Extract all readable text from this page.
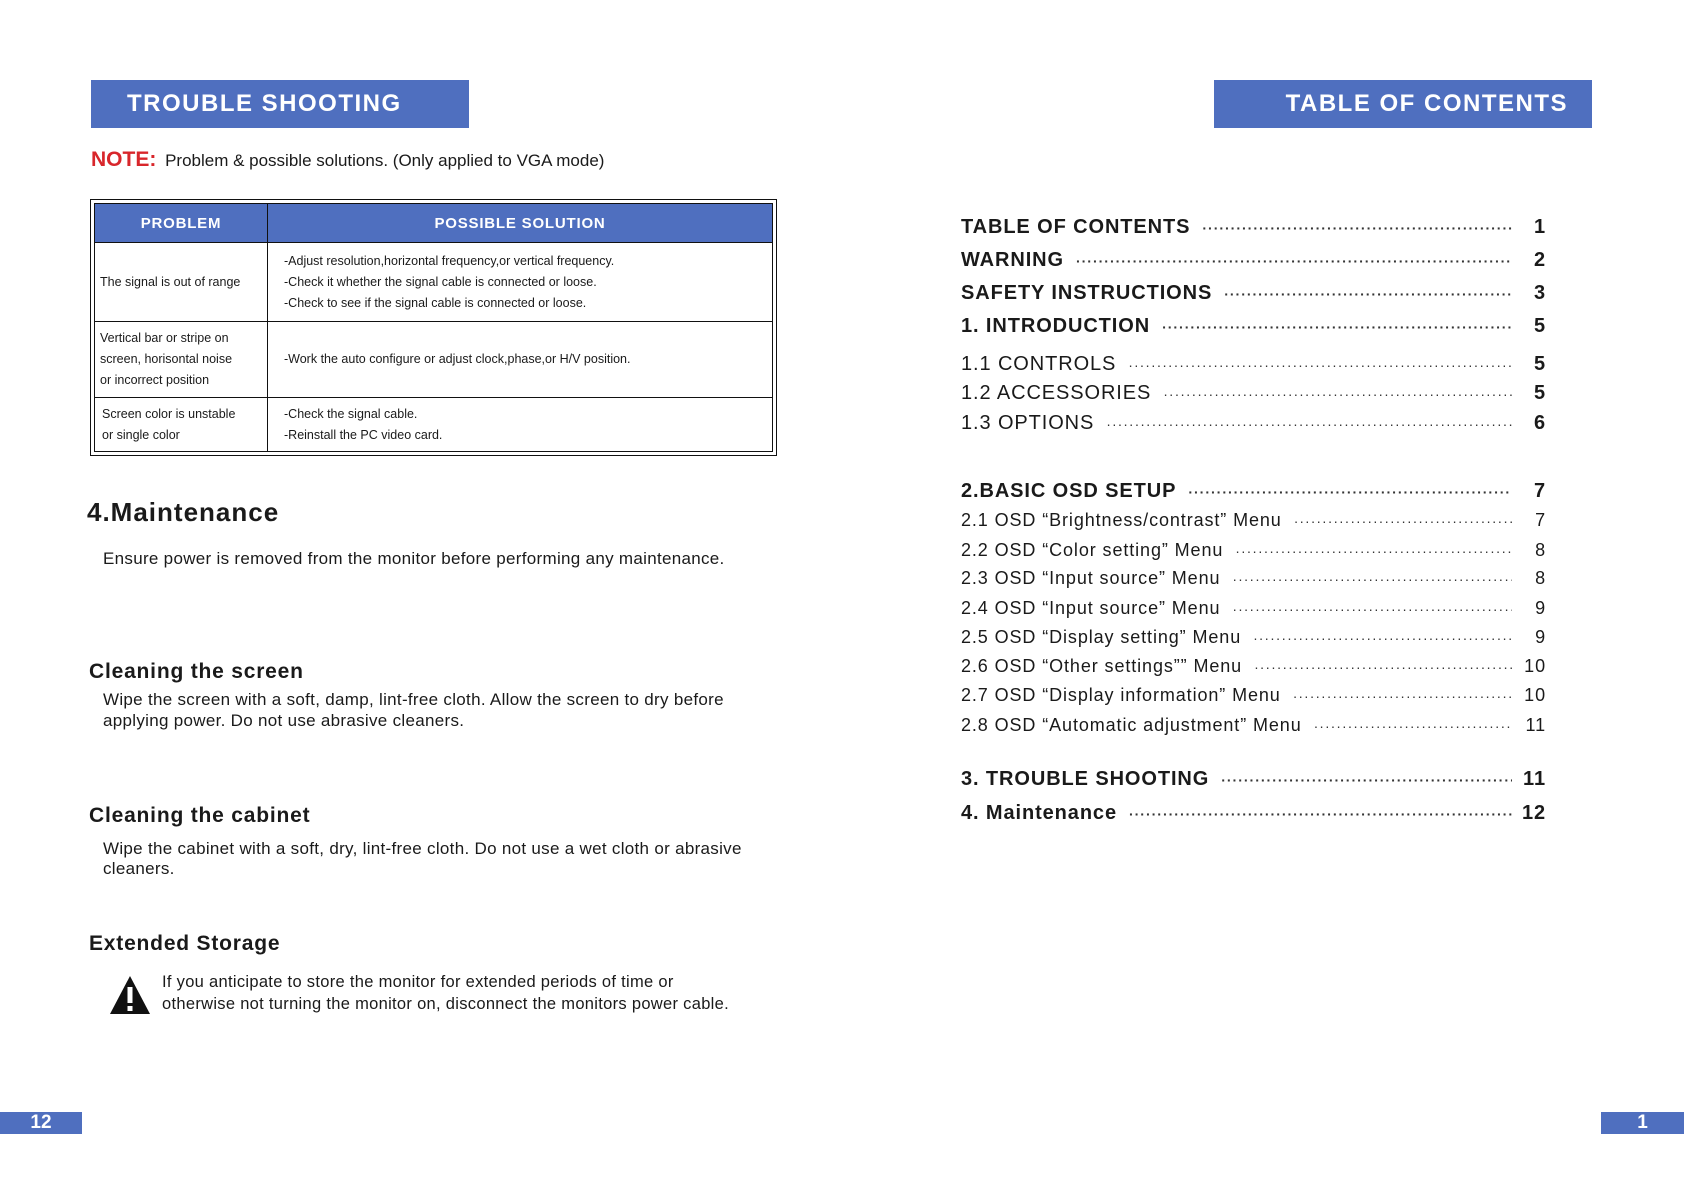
TROUBLE SHOOTING
NOTE: Problem & possible solutions. (Only applied to VGA mode)
PROBLEM	POSSIBLE SOLUTION

The signal is out of range	-Adjust resolution,horizontal frequency,or vertical frequency.
-Check it whether the signal cable is connected or loose.
-Check to see if the signal cable is connected or loose.

Vertical bar or stripe on
screen, horisontal noise
or incorrect position	-Work the auto configure or adjust clock,phase,or H/V position.

Screen color is unstable
or single color	-Check the signal cable.
-Reinstall the PC video card.
4.Maintenance
Ensure power is removed from the monitor before performing any maintenance.
Cleaning the screen
Wipe the screen with a soft, damp, lint-free cloth. Allow the screen to dry before
applying power. Do not use abrasive cleaners.
Cleaning the cabinet
Wipe the cabinet with a soft, dry, lint-free cloth. Do not use a wet cloth or abrasive
cleaners.
Extended Storage
If you anticipate to store the monitor for extended periods of time or
otherwise not turning the monitor on, disconnect the monitors power cable.
12
TABLE OF CONTENTS
TABLE OF CONTENTS ·····	1
WARNING ·····	2
SAFETY INSTRUCTIONS ·····	3
1. INTRODUCTION ·····	5
1.1 CONTROLS ·····	5
1.2 ACCESSORIES ·····	5
1.3 OPTIONS ·····	6
2.BASIC OSD SETUP ·····	7
2.1 OSD “Brightness/contrast” Menu ·····	7
2.2 OSD “Color setting” Menu ·····	8
2.3 OSD “Input source” Menu ·····	8
2.4 OSD “Input source” Menu ·····	9
2.5 OSD “Display setting” Menu ·····	9
2.6 OSD “Other settings”” Menu ·····	10
2.7 OSD “Display information” Menu ·····	10
2.8 OSD “Automatic adjustment” Menu ·····	11
3. TROUBLE SHOOTING ·····	11
4. Maintenance ·····	12
1
